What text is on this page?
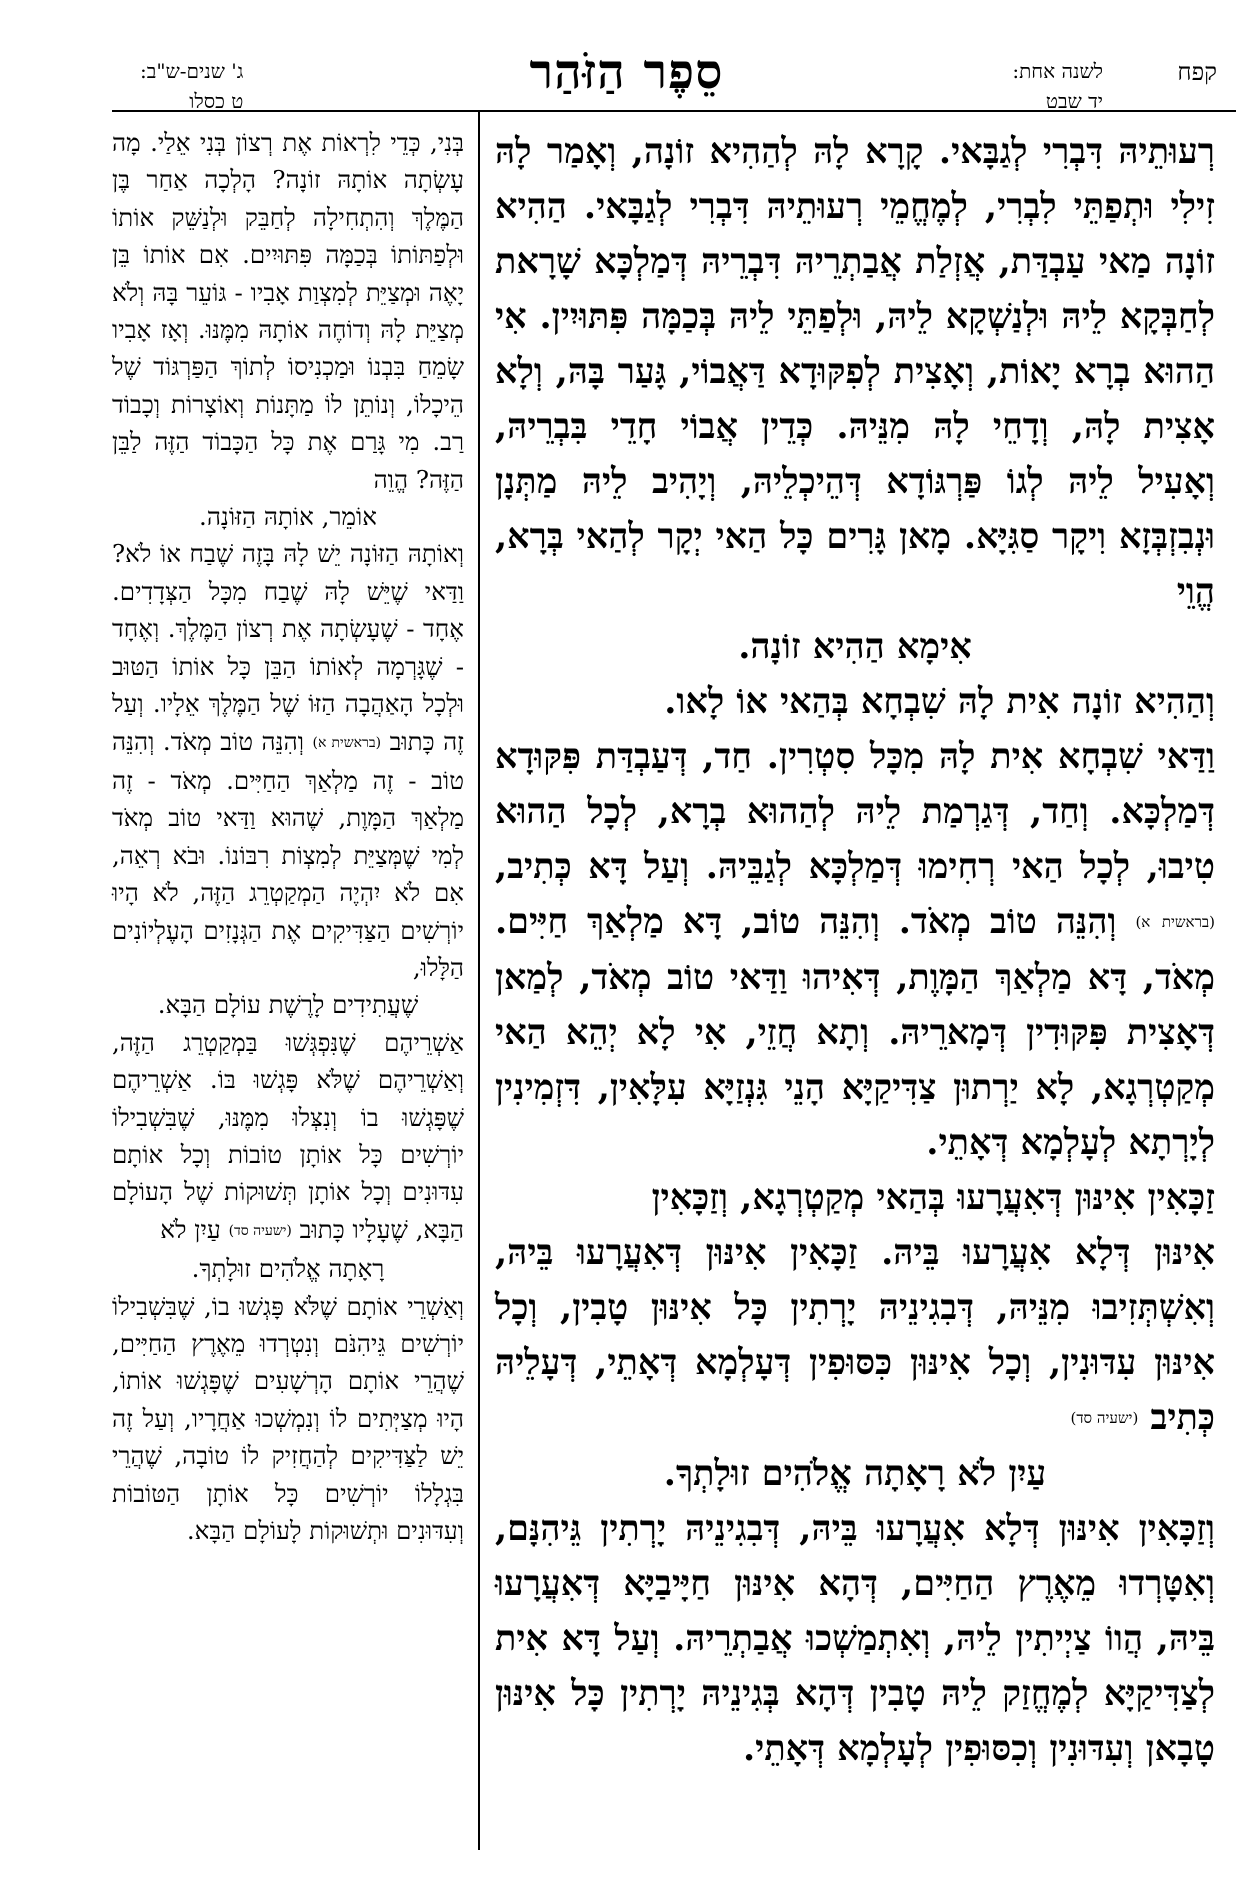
קפח
לשנה אחת:
יד שבט
סֵפֶר הַזֹּהַר
ג' שנים-ש"ב:
ט כסלו

רְעוּתֵיהּ דִּבְרִי לְגַבָּאי. קָרָא לָהּ לְהַהִיא זוֹנָה, וְאָמַר לָהּ זִילִי וּתְפַתֵּי לִבְרִי, לְמֶחֱמֵי רְעוּתֵיהּ דִּבְרִי לְגַבָּאי. הַהִיא זוֹנָה מַאי עַבְדַּת, אֲזְלַת אֲבַתְרֵיהּ דִּבְרֵיהּ דְּמַלְכָּא שָׁרָאת לְחַבְּקָא לֵיהּ וּלְנַשְׁקָא לֵיהּ, וּלְפַתֵּי לֵיהּ בְּכַמָּה פִּתּוּיִין. אִי הַהוּא בְרָא יָאוֹת, וְאָצִית לְפִקּוּדָא דַּאֲבוֹי, גָּעַר בָּהּ, וְלָא אָצִית לָהּ, וְדָחֵי לָהּ מִנֵּיהּ. כְּדֵין אֲבוֹי חָדֵי בִּבְרֵיהּ, וְאָעִיל לֵיהּ לְגוֹ פַּרְגּוֹדָא דְּהֵיכְלֵיהּ, וְיָהִיב לֵיהּ מַתְּנָן וּנְבִזְבְּזָא וִיקָר סַגִּיָּא. מָאן גָּרִים כָּל הַאי יְקָר לְהַאי בְּרָא, הֱוֵי

אִימָא הַהִיא זוֹנָה.

וְהַהִיא זוֹנָה אִית לָהּ שִׁבְחָא בְּהַאי אוֹ לָאו.

וַדַּאי שִׁבְחָא אִית לָהּ מִכָּל סִטְרִין. חַד, דְּעַבְדַּת פִּקּוּדָא דְּמַלְכָּא. וְחַד, דְּגַרְמַת לֵיהּ לְהַהוּא בְרָא, לְכָל הַהוּא טִיבוּ, לְכָל הַאי רְחִימוּ דְּמַלְכָּא לְגַבֵּיהּ. וְעַל דָּא כְּתִיב, (בראשית א) וְהִנֵּה טוֹב מְאֹד. וְהִנֵּה טוֹב, דָּא מַלְאַךְ חַיִּים. מְאֹד, דָּא מַלְאַךְ הַמָּוֶת, דְּאִיהוּ וַדַּאי טוֹב מְאֹד, לְמַאן דְּאָצִית פִּקּוּדִין דְּמָארֵיהּ. וְתָא חֲזֵי, אִי לָא יְהֵא הַאי מְקַטְרְגָא, לָא יַרְתוּן צַדִּיקַיָּא הָנֵי גִּנְזַיָּא עִלָּאִין, דִּזְמִינִין לְיָרְתָא לְעָלְמָא דְּאָתֵי.

זַכָּאִין אִינּוּן דְּאִעֲרָעוּ בְּהַאי מְקַטְרְגָא, וְזַכָּאִין

אִינּוּן דְּלָא אִעֲרָעוּ בֵּיהּ. זַכָּאִין אִינּוּן דְּאִעֲרָעוּ בֵּיהּ, וְאִשְׁתְּזִיבוּ מִנֵּיהּ, דְּבִגִינֵיהּ יָרְתִין כָּל אִינּוּן טָבִין, וְכָל אִינּוּן עִדּוּנִין, וְכָל אִינּוּן כִּסּוּפִין דְּעָלְמָא דְּאָתֵי, דְּעָלֵיהּ כְּתִיב (ישעיה סד)

עַיִן לֹא רָאָתָה אֱלֹהִים זוּלָתְךָ.

וְזַכָּאִין אִינּוּן דְּלָא אִעֲרָעוּ בֵּיהּ, דְּבִגִינֵיהּ יָרְתִין גֵּיהִנָּם, וְאִטָּרְדוּ מֵאֶרֶץ הַחַיִּים, דְּהָא אִינּוּן חַיָּיבַיָּא דְּאִעֲרָעוּ בֵּיהּ, הֲווֹ צַיְיתִין לֵיהּ, וְאִתְמַשְׁכוּ אֲבַתְרֵיהּ. וְעַל דָּא אִית לְצַדִּיקַיָּא לְמֶחֱזַק לֵיהּ טָבִין דְּהָא בְּגִינֵיהּ יָרְתִין כָּל אִינּוּן טָבָאן וְעִדּוּנִין וְכִסּוּפִין לְעָלְמָא דְּאָתֵי.

בְּנִי, כְּדֵי לִרְאוֹת אֶת רְצוֹן בְּנִי אֵלַי. מָה עָשְׂתָה אוֹתָהּ זוֹנָה? הָלְכָה אַחַר בֶּן הַמֶּלֶךְ וְהִתְחִילָה לְחַבֵּק וּלְנַשֵּׁק אוֹתוֹ וּלְפַתּוֹתוֹ בְּכַמָּה פִּתּוּיִים. אִם אוֹתוֹ בֵּן יָאֶה וּמְצַיֵּת לְמִצְוַת אָבִיו - גּוֹעֵר בָּהּ וְלֹא מְצַיֵּת לָהּ וְדוֹחֶה אוֹתָהּ מִמֶּנּוּ. וְאָז אָבִיו שָׂמֵחַ בִּבְנוֹ וּמַכְנִיסוֹ לְתוֹךְ הַפַּרְגּוֹד שֶׁל הֵיכָלוֹ, וְנוֹתֵן לוֹ מַתָּנוֹת וְאוֹצָרוֹת וְכָבוֹד רַב. מִי גָּרַם אֶת כָּל הַכָּבוֹד הַזֶּה לַבֵּן הַזֶּה? הֱוֵה

אוֹמֵר, אוֹתָהּ הַזּוֹנָה.

וְאוֹתָהּ הַזּוֹנָה יֵשׁ לָהּ בָּזֶה שֶׁבַח אוֹ לֹא? וַדַּאי שֶׁיֵּשׁ לָהּ שֶׁבַח מִכָּל הַצְּדָדִים. אֶחָד - שֶׁעָשְׂתָה אֶת רְצוֹן הַמֶּלֶךְ. וְאֶחָד - שֶׁגָּרְמָה לְאוֹתוֹ הַבֵּן כָּל אוֹתוֹ הַטּוּב וּלְכָל הָאַהֲבָה הַזּוֹ שֶׁל הַמֶּלֶךְ אֵלָיו. וְעַל זֶה כָּתוּב (בראשית א) וְהִנֵּה טוֹב מְאֹד. וְהִנֵּה טוֹב - זֶה מַלְאַךְ הַחַיִּים. מְאֹד - זֶה מַלְאַךְ הַמָּוֶת, שֶׁהוּא וַדַּאי טוֹב מְאֹד לְמִי שֶׁמְּצַיֵּת לְמִצְוֹת רִבּוֹנוֹ. וּבֹא רְאֵה, אִם לֹא יִהְיֶה הַמְקַטְרֵג הַזֶּה, לֹא הָיוּ יוֹרְשִׁים הַצַּדִּיקִים אֶת הַגְּנָזִים הָעֶלְיוֹנִים הַלָּלוּ,

שֶׁעֲתִידִים לָרֶשֶׁת עוֹלָם הַבָּא.

אַשְׁרֵיהֶם שֶׁנִּפְגְּשׁוּ בַּמְקַטְרֵג הַזֶּה, וְאַשְׁרֵיהֶם שֶׁלֹּא פָּגְשׁוּ בּוֹ. אַשְׁרֵיהֶם שֶׁפָּגְשׁוּ בוֹ וְנִצְּלוּ מִמֶּנּוּ, שֶׁבִּשְׁבִילוֹ יוֹרְשִׁים כָּל אוֹתָן טוֹבוֹת וְכָל אוֹתָם עִדּוּנִים וְכָל אוֹתָן תְּשׁוּקוֹת שֶׁל הָעוֹלָם הַבָּא, שֶׁעָלָיו כָּתוּב (ישעיה סד) עַיִן לֹא

רָאָתָה אֱלֹהִים זוּלָתְךָ.

וְאַשְׁרֵי אוֹתָם שֶׁלֹּא פָּגְשׁוּ בוֹ, שֶׁבִּשְׁבִילוֹ יוֹרְשִׁים גֵּיהִנֹּם וְנִטְרְדוּ מֵאֶרֶץ הַחַיִּים, שֶׁהֲרֵי אוֹתָם הָרְשָׁעִים שֶׁפָּגְשׁוּ אוֹתוֹ, הָיוּ מְצַיְּתִים לוֹ וְנִמְשְׁכוּ אַחֲרָיו, וְעַל זֶה יֵשׁ לַצַּדִּיקִים לְהַחֲזִיק לוֹ טוֹבָה, שֶׁהֲרֵי בִּגְלָלוֹ יוֹרְשִׁים כָּל אוֹתָן הַטּוֹבוֹת וְעִדּוּנִים וּתְשׁוּקוֹת לָעוֹלָם הַבָּא.
